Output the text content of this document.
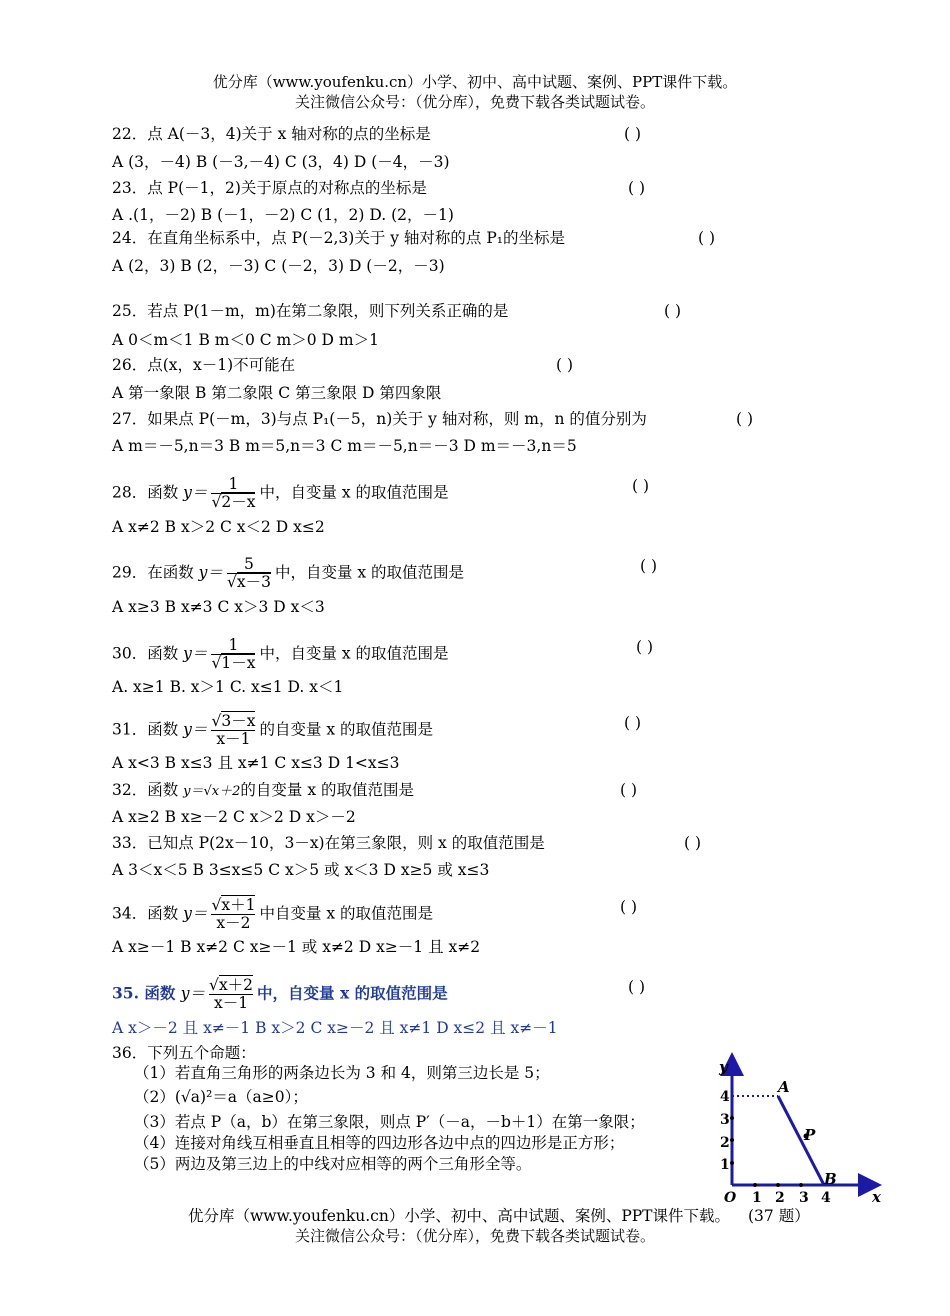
优分库（www.youfenku.cn）小学、初中、高中试题、案例、PPT课件下载。
关注微信公众号：（优分库），免费下载各类试题试卷。
22．点 A(－3，4)关于 x 轴对称的点的坐标是	( )
A (3，－4) B (－3,－4) C (3，4) D (－4，－3)
23．点 P(－1，2)关于原点的对称点的坐标是	( )
A .(1，－2) B (－1，－2) C (1，2) D. (2，－1)
24．在直角坐标系中，点 P(－2,3)关于 y 轴对称的点 P₁的坐标是	( )
A (2，3) B (2，－3) C (－2，3) D (－2，－3)
25．若点 P(1－m，m)在第二象限，则下列关系正确的是	( )
A 0＜m＜1 B m＜0 C m＞0 D m＞1
26．点(x，x－1)不可能在	( )
A 第一象限 B 第二象限 C 第三象限 D 第四象限
27．如果点 P(－m，3)与点 P₁(－5，n)关于 y 轴对称，则 m，n 的值分别为	( )
A m＝－5,n＝3 B m＝5,n＝3 C m＝－5,n＝－3 D m＝－3,n＝5
28．函数 $y= \frac{1}{√2-x}$ 中，自变量 x 的取值范围是	( )
A x≠2 B x＞2 C x＜2 D x≤2
29．在函数 $y= \frac{5}{√x-3}$ 中，自变量 x 的取值范围是	( )
A x≥3 B x≠3 C x＞3 D x＜3
30．函数 $y= \frac{1}{√1-x}$ 中，自变量 x 的取值范围是	( )
A. x≥1 B. x＞1 C. x≤1 D. x＜1
31．函数 $y= \frac{√3-x}{x-1}$ 的自变量 x 的取值范围是	( )
A x<3 B x≤3 且 x≠1 C x≤3 D 1<x≤3
32．函数 y＝√x＋2的自变量 x 的取值范围是	( )
A x≥2 B x≥－2 C x＞2 D x＞－2
33．已知点 P(2x－10，3－x)在第三象限，则 x 的取值范围是	( )
A 3＜x＜5 B 3≤x≤5 C x＞5 或 x＜3 D x≥5 或 x≤3
34．函数 $y= \frac{√x+1}{x-2}$ 中自变量 x 的取值范围是	( )
A x≥－1 B x≠2 C x≥－1 或 x≠2 D x≥－1 且 x≠2
35. 函数 $y= \frac{√x+2}{x-1}$ 中，自变量 x 的取值范围是	( )
A x＞－2 且 x≠－1 B x＞2 C x≥－2 且 x≠1 D x≤2 且 x≠－1
36．下列五个命题：
（1）若直角三角形的两条边长为 3 和 4，则第三边长是 5；
（2）(√a)²＝a（a≥0）；
（3）若点 P（a，b）在第三象限，则点 P′（－a，－b＋1）在第一象限；
（4）连接对角线互相垂直且相等的四边形各边中点的四边形是正方形；
（5）两边及第三边上的中线对应相等的两个三角形全等。
y
x
O 1 2 3 4
1
2
3
4
A
P
B
优分库（www.youfenku.cn）小学、初中、高中试题、案例、PPT课件下载。 (37 题）
关注微信公众号：（优分库），免费下载各类试题试卷。
